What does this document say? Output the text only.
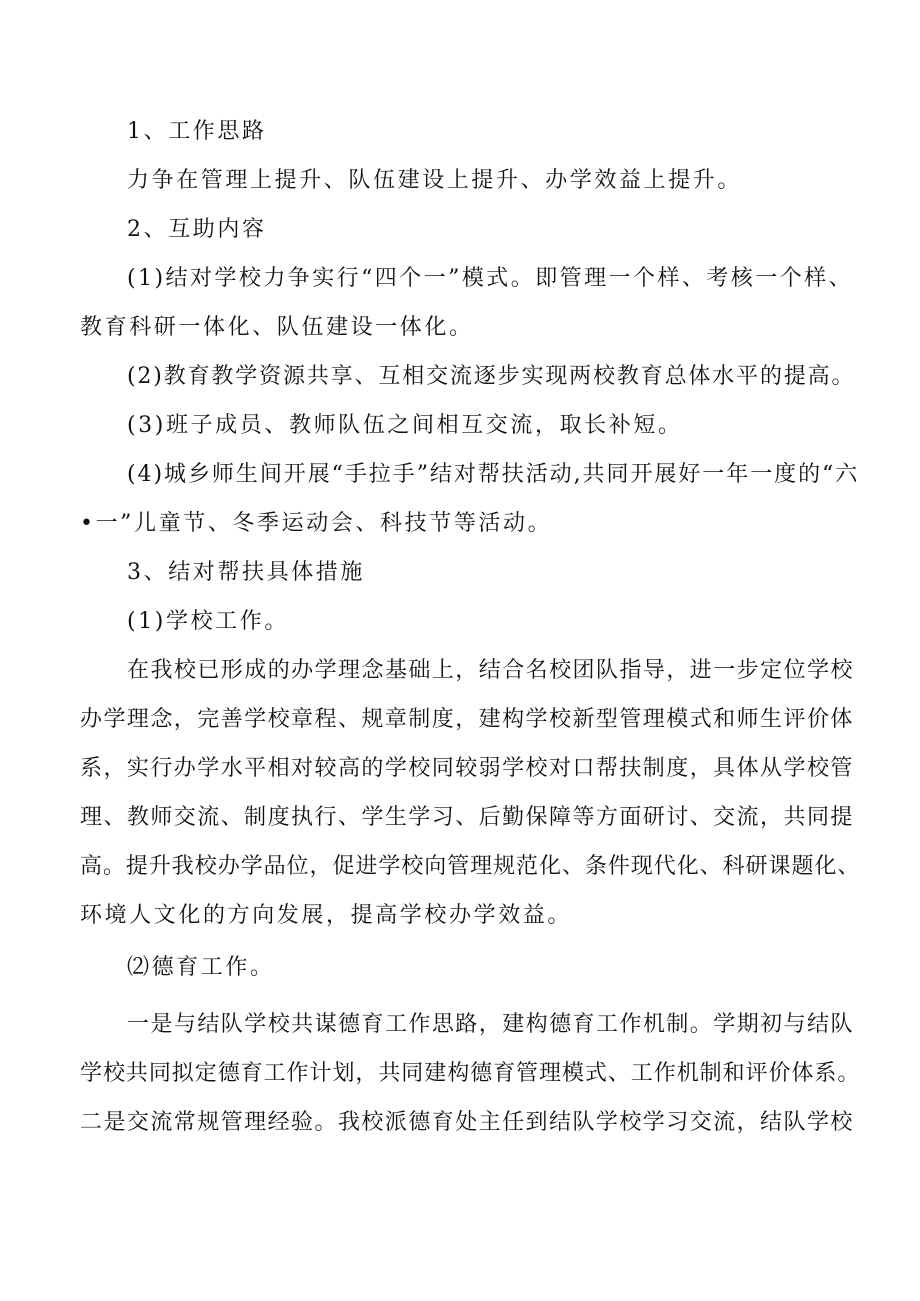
1、工作思路
力争在管理上提升、队伍建设上提升、办学效益上提升。
2、互助内容
(1)结对学校力争实行“四个一”模式。即管理一个样、考核一个样、
教育科研一体化、队伍建设一体化。
(2)教育教学资源共享、互相交流逐步实现两校教育总体水平的提高。
(3)班子成员、教师队伍之间相互交流，取长补短。
(4)城乡师生间开展“手拉手”结对帮扶活动,共同开展好一年一度的“六
•一”儿童节、冬季运动会、科技节等活动。
3、结对帮扶具体措施
(1)学校工作。
在我校已形成的办学理念基础上，结合名校团队指导，进一步定位学校
办学理念，完善学校章程、规章制度，建构学校新型管理模式和师生评价体
系，实行办学水平相对较高的学校同较弱学校对口帮扶制度，具体从学校管
理、教师交流、制度执行、学生学习、后勤保障等方面研讨、交流，共同提
高。提升我校办学品位，促进学校向管理规范化、条件现代化、科研课题化、
环境人文化的方向发展，提高学校办学效益。
⑵德育工作。
一是与结队学校共谋德育工作思路，建构德育工作机制。学期初与结队
学校共同拟定德育工作计划，共同建构德育管理模式、工作机制和评价体系。
二是交流常规管理经验。我校派德育处主任到结队学校学习交流，结队学校
